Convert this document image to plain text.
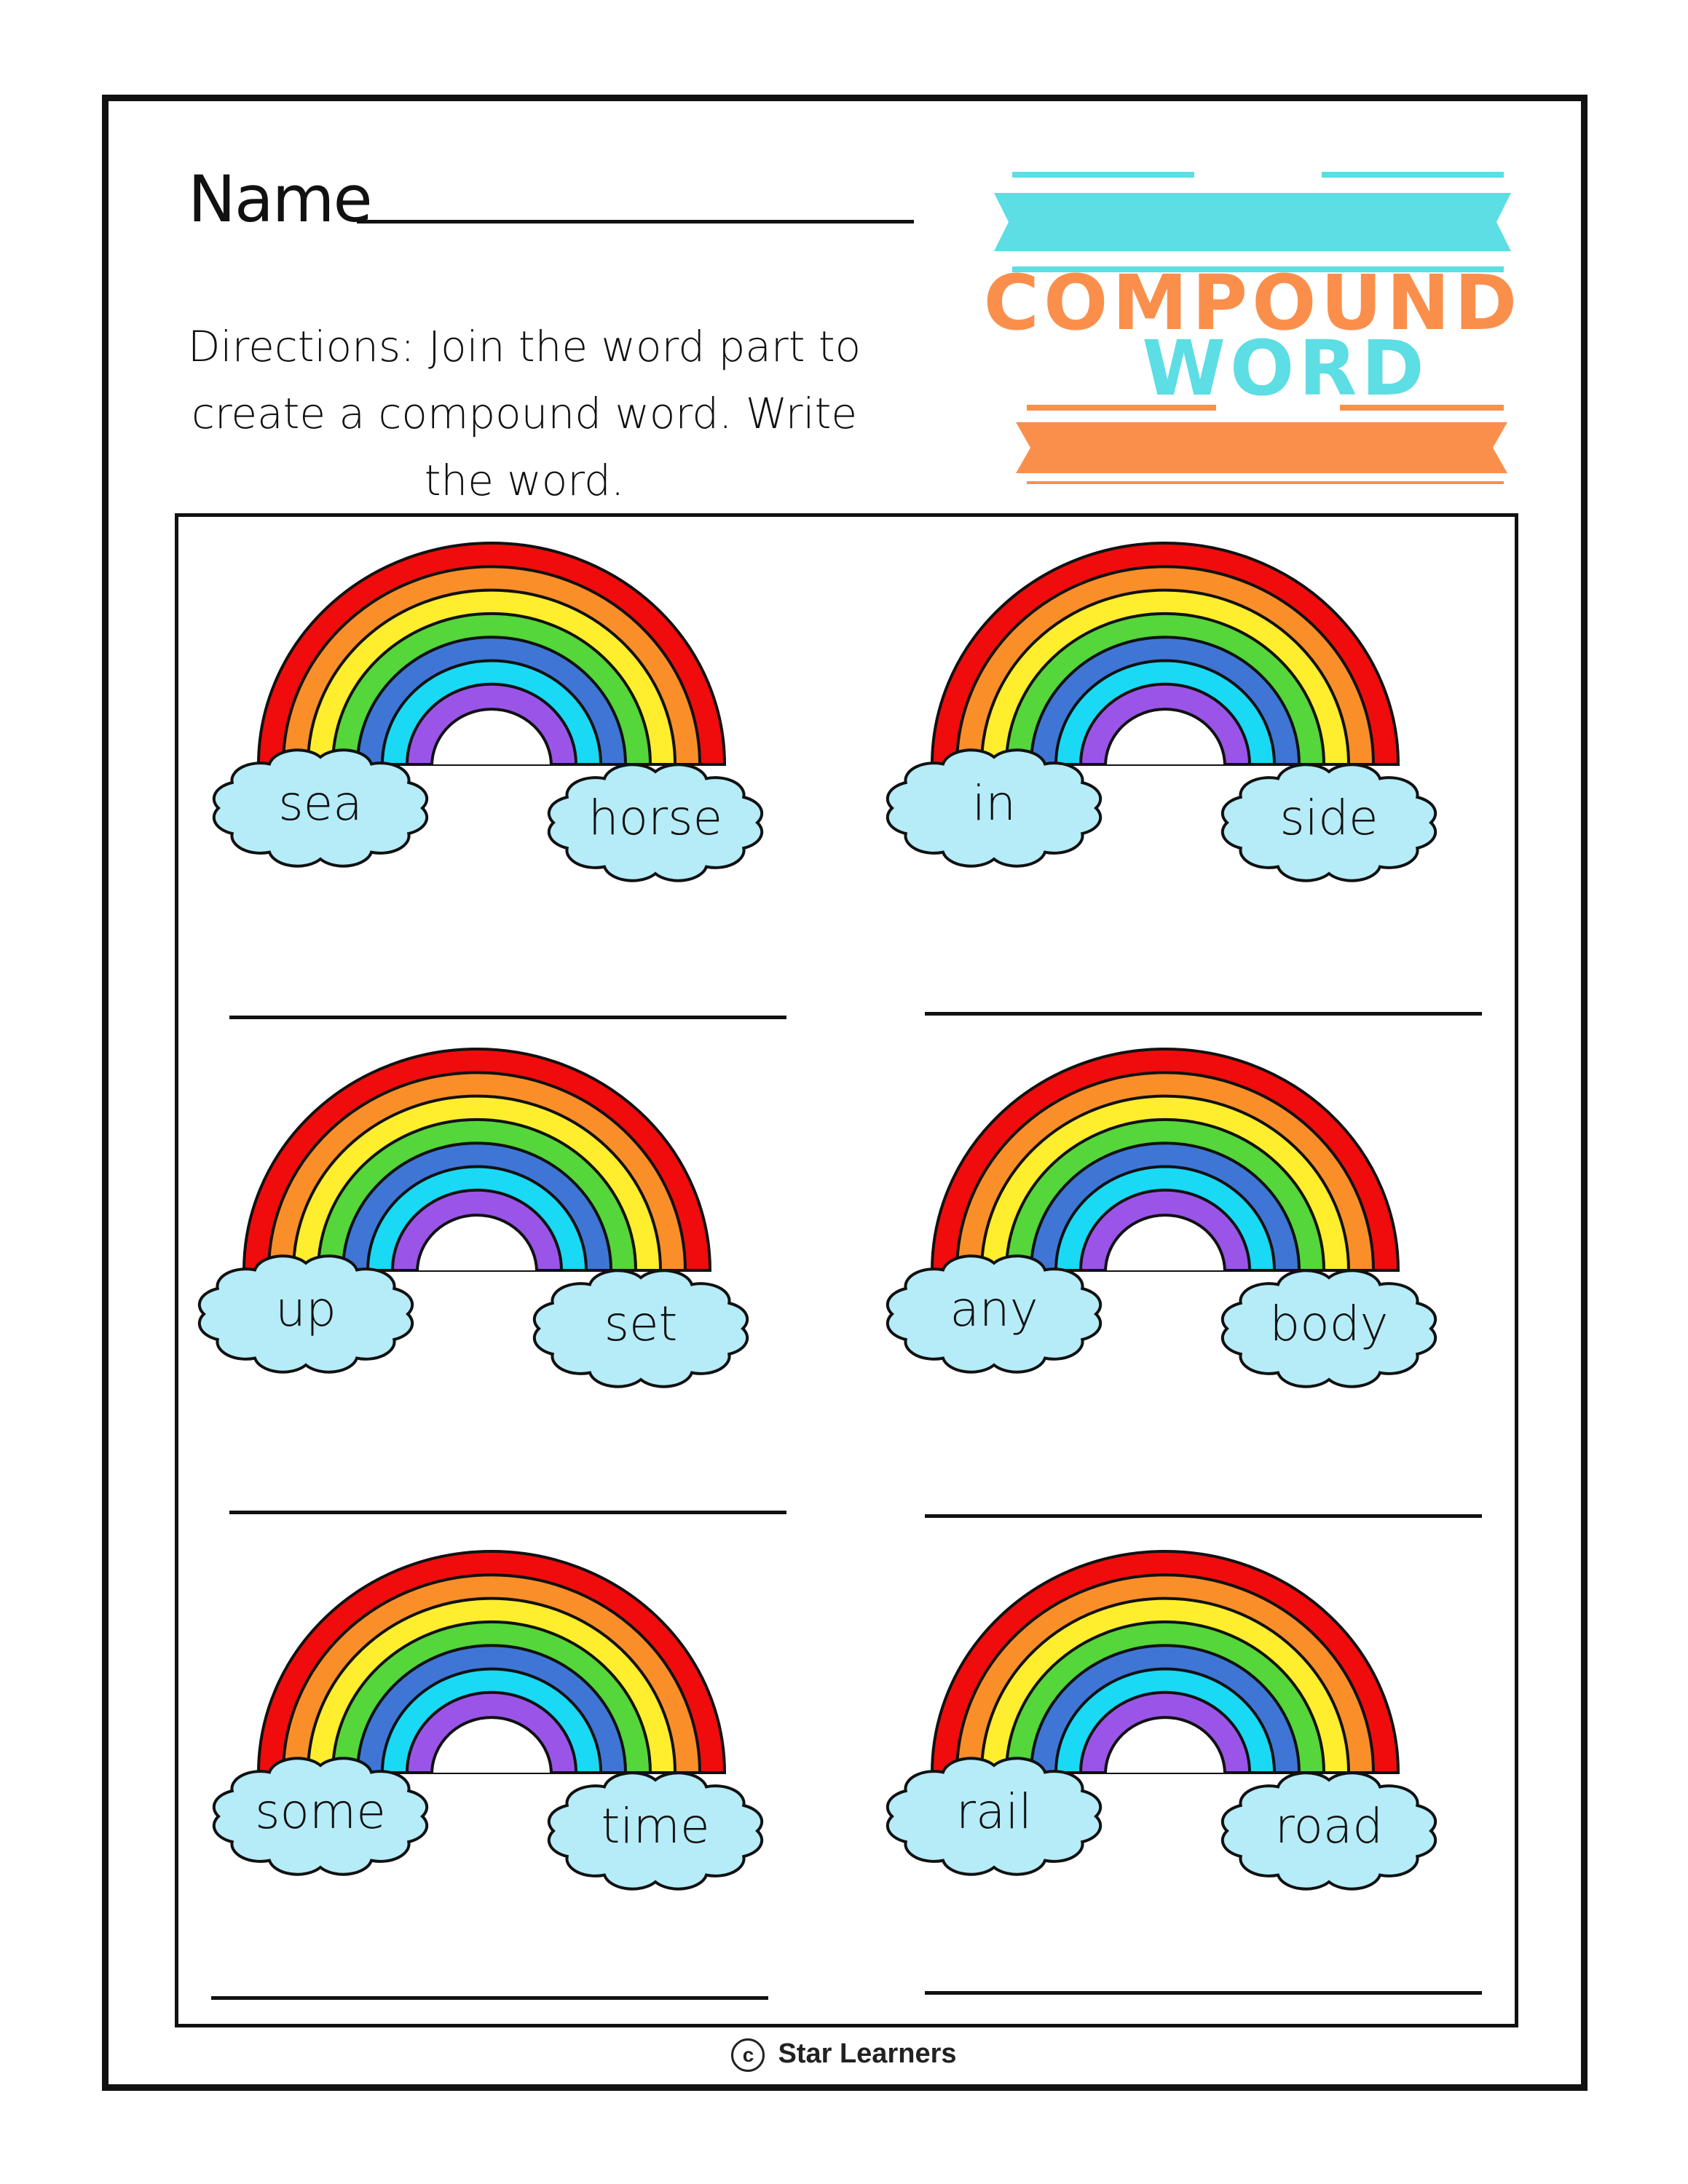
Name
Directions: Join the word part to create a compound word. Write the word.
COMPOUND
WORD
sea	horse	in	side
up	set	any	body
some	time	rail	road
c Star Learners
